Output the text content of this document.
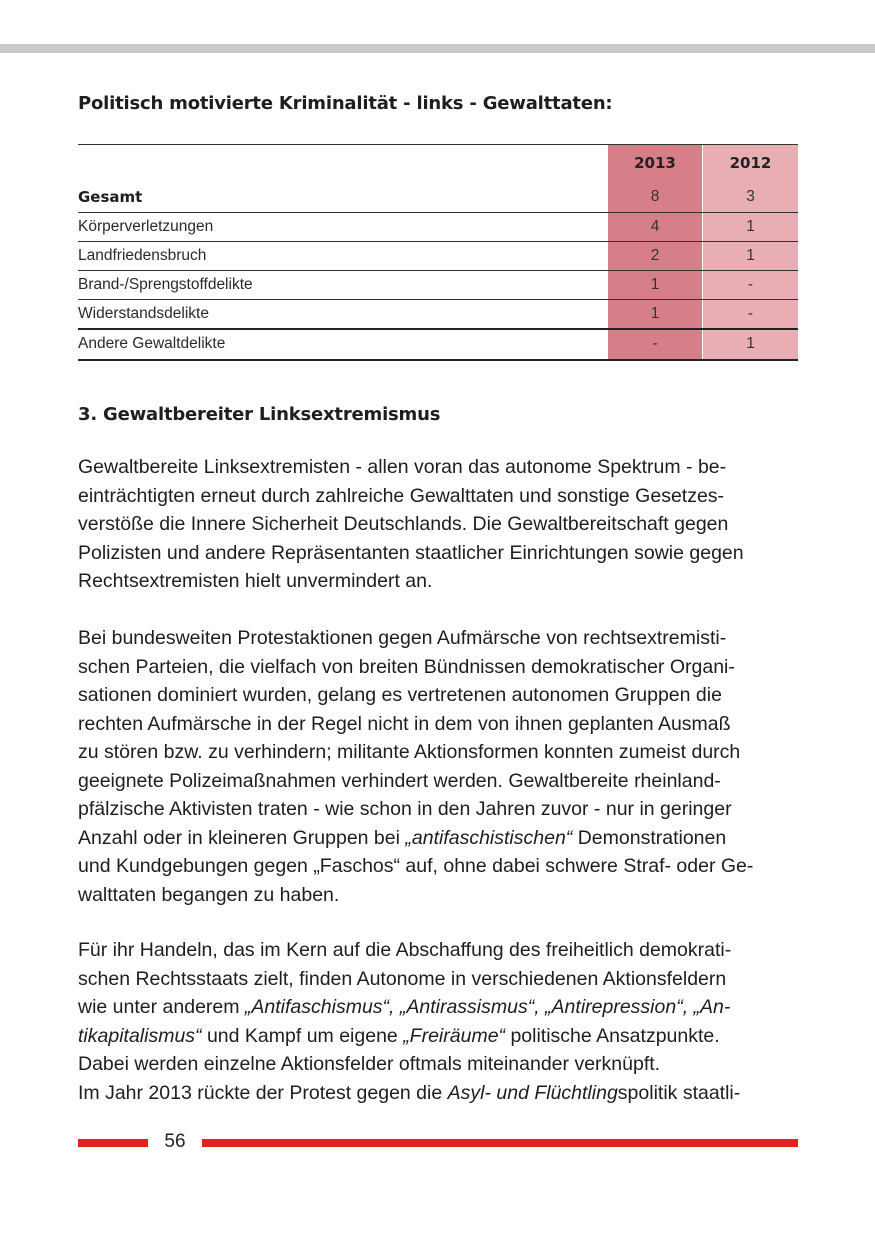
Politisch motivierte Kriminalität - links - Gewalttaten:
2013	2012
Gesamt	8	3
Körperverletzungen	4	1
Landfriedensbruch	2	1
Brand-/Sprengstoffdelikte	1	-
Widerstandsdelikte	1	-
Andere Gewaltdelikte	-	1
3. Gewaltbereiter Linksextremismus

Gewaltbereite Linksextremisten - allen voran das autonome Spektrum - be-
einträchtigten erneut durch zahlreiche Gewalttaten und sonstige Gesetzes-
verstöße die Innere Sicherheit Deutschlands. Die Gewaltbereitschaft gegen
Polizisten und andere Repräsentanten staatlicher Einrichtungen sowie gegen
Rechtsextremisten hielt unvermindert an.

Bei bundesweiten Protestaktionen gegen Aufmärsche von rechtsextremisti-
schen Parteien, die vielfach von breiten Bündnissen demokratischer Organi-
sationen dominiert wurden, gelang es vertretenen autonomen Gruppen die
rechten Aufmärsche in der Regel nicht in dem von ihnen geplanten Ausmaß
zu stören bzw. zu verhindern; militante Aktionsformen konnten zumeist durch
geeignete Polizeimaßnahmen verhindert werden. Gewaltbereite rheinland-
pfälzische Aktivisten traten - wie schon in den Jahren zuvor - nur in geringer
Anzahl oder in kleineren Gruppen bei „antifaschistischen“ Demonstrationen
und Kundgebungen gegen „Faschos“ auf, ohne dabei schwere Straf- oder Ge-
walttaten begangen zu haben.

Für ihr Handeln, das im Kern auf die Abschaffung des freiheitlich demokrati-
schen Rechtsstaats zielt, finden Autonome in verschiedenen Aktionsfeldern
wie unter anderem „Antifaschismus“, „Antirassismus“, „Antirepression“, „An-
tikapitalismus“ und Kampf um eigene „Freiräume“ politische Ansatzpunkte.
Dabei werden einzelne Aktionsfelder oftmals miteinander verknüpft.
Im Jahr 2013 rückte der Protest gegen die Asyl- und Flüchtlingspolitik staatli-

56
